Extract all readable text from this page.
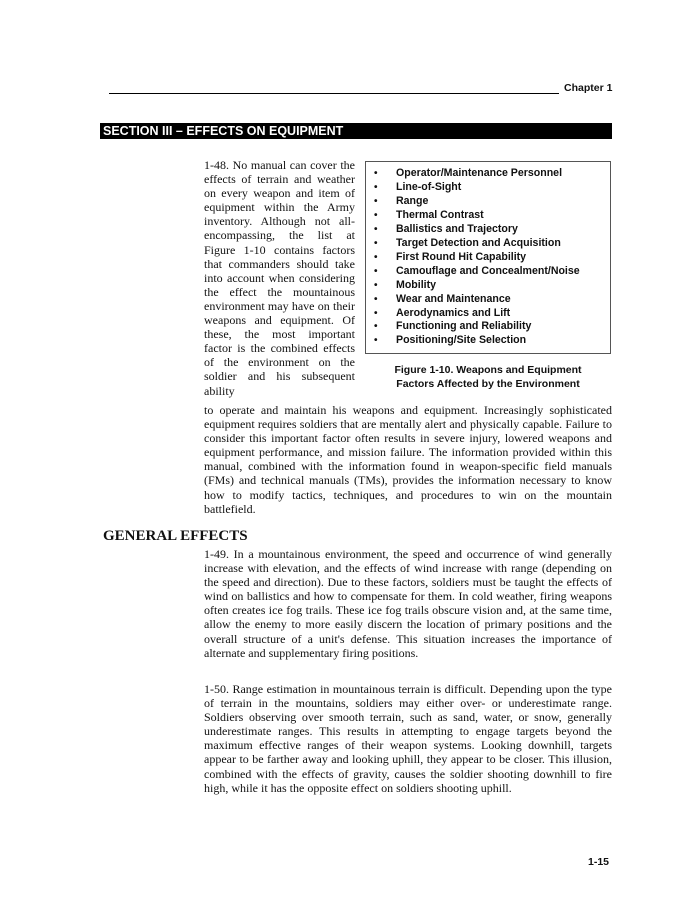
Chapter 1
SECTION III – EFFECTS ON EQUIPMENT

1-48. No manual can cover the effects of terrain and weather on every weapon and item of equipment within the Army inventory. Although not all-encompassing, the list at Figure 1-10 contains factors that commanders should take into account when considering the effect the mountainous environment may have on their weapons and equipment. Of these, the most important factor is the combined effects of the environment on the soldier and his subsequent ability

•	Operator/Maintenance Personnel
•	Line-of-Sight
•	Range
•	Thermal Contrast
•	Ballistics and Trajectory
•	Target Detection and Acquisition
•	First Round Hit Capability
•	Camouflage and Concealment/Noise
•	Mobility
•	Wear and Maintenance
•	Aerodynamics and Lift
•	Functioning and Reliability
•	Positioning/Site Selection
Figure 1-10. Weapons and Equipment
Factors Affected by the Environment

to operate and maintain his weapons and equipment. Increasingly sophisticated equipment requires soldiers that are mentally alert and physically capable. Failure to consider this important factor often results in severe injury, lowered weapons and equipment performance, and mission failure. The information provided within this manual, combined with the information found in weapon-specific field manuals (FMs) and technical manuals (TMs), provides the information necessary to know how to modify tactics, techniques, and procedures to win on the mountain battlefield.

GENERAL EFFECTS

1-49. In a mountainous environment, the speed and occurrence of wind generally increase with elevation, and the effects of wind increase with range (depending on the speed and direction). Due to these factors, soldiers must be taught the effects of wind on ballistics and how to compensate for them. In cold weather, firing weapons often creates ice fog trails. These ice fog trails obscure vision and, at the same time, allow the enemy to more easily discern the location of primary positions and the overall structure of a unit's defense. This situation increases the importance of alternate and supplementary firing positions.

1-50. Range estimation in mountainous terrain is difficult. Depending upon the type of terrain in the mountains, soldiers may either over- or underestimate range. Soldiers observing over smooth terrain, such as sand, water, or snow, generally underestimate ranges. This results in attempting to engage targets beyond the maximum effective ranges of their weapon systems. Looking downhill, targets appear to be farther away and looking uphill, they appear to be closer. This illusion, combined with the effects of gravity, causes the soldier shooting downhill to fire high, while it has the opposite effect on soldiers shooting uphill.

1-15
